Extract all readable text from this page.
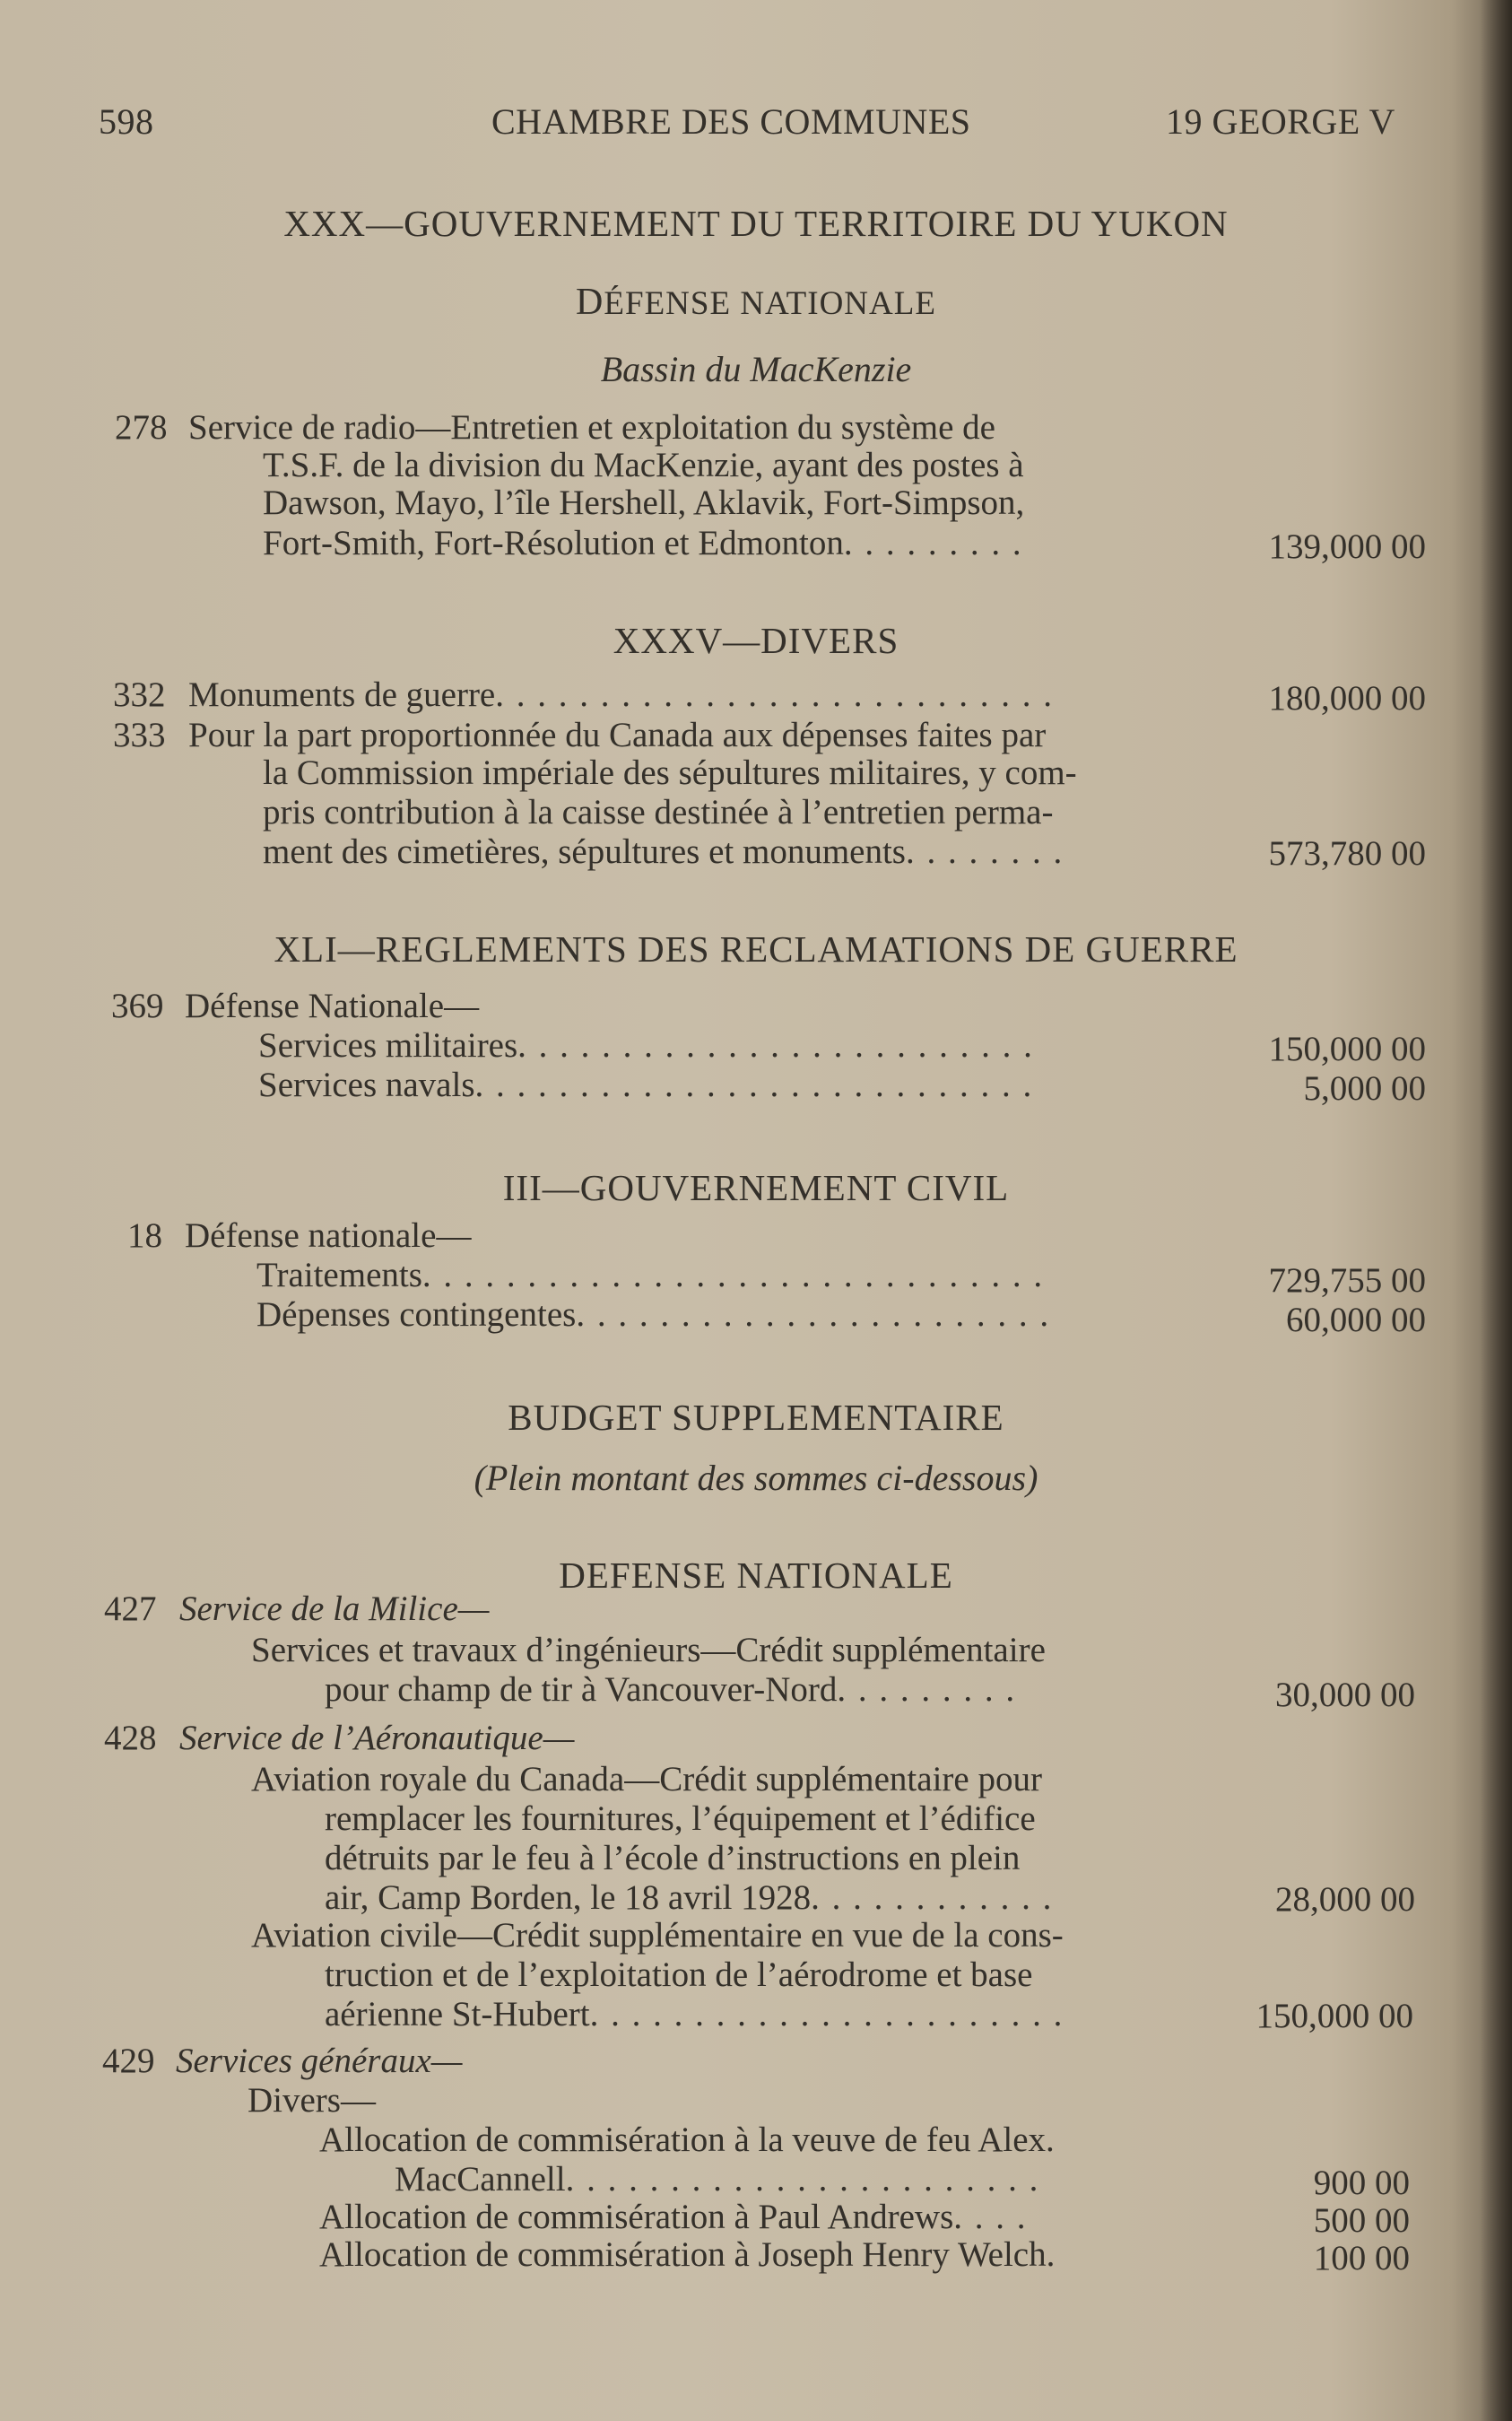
598	CHAMBRE DES COMMUNES	19 GEORGE V
XXX—GOUVERNEMENT DU TERRITOIRE DU YUKON
DÉFENSE NATIONALE
Bassin du MacKenzie
278 Service de radio—Entretien et exploitation du système de
T.S.F. de la division du MacKenzie, ayant des postes à
Dawson, Mayo, l’île Hershell, Aklavik, Fort-Simpson,
Fort-Smith, Fort-Résolution et Edmonton. . . . . . . . .	139,000 00
XXXV—DIVERS
332 Monuments de guerre. . . . . . . . . . . . . . . . . . . . . . . . . . .	180,000 00
333 Pour la part proportionnée du Canada aux dépenses faites par
la Commission impériale des sépultures militaires, y com-
pris contribution à la caisse destinée à l’entretien perma-
ment des cimetières, sépultures et monuments. . . . . . . .	573,780 00
XLI—REGLEMENTS DES RECLAMATIONS DE GUERRE
369 Défense Nationale—
Services militaires. . . . . . . . . . . . . . . . . . . . . . . . .	150,000 00
Services navals. . . . . . . . . . . . . . . . . . . . . . . . . . .	5,000 00
III—GOUVERNEMENT CIVIL
18 Défense nationale—
Traitements. . . . . . . . . . . . . . . . . . . . . . . . . . . . . .	729,755 00
Dépenses contingentes. . . . . . . . . . . . . . . . . . . . . . .	60,000 00
BUDGET SUPPLEMENTAIRE
(Plein montant des sommes ci-dessous)
DEFENSE NATIONALE
427 Service de la Milice—
Services et travaux d’ingénieurs—Crédit supplémentaire
pour champ de tir à Vancouver-Nord. . . . . . . . .	30,000 00
428 Service de l’Aéronautique—
Aviation royale du Canada—Crédit supplémentaire pour
remplacer les fournitures, l’équipement et l’édifice
détruits par le feu à l’école d’instructions en plein
air, Camp Borden, le 18 avril 1928. . . . . . . . . . . .	28,000 00
Aviation civile—Crédit supplémentaire en vue de la cons-
truction et de l’exploitation de l’aérodrome et base
aérienne St-Hubert. . . . . . . . . . . . . . . . . . . . . . .	150,000 00
429 Services généraux—
Divers—
Allocation de commisération à la veuve de feu Alex.
MacCannell. . . . . . . . . . . . . . . . . . . . . . .	900 00
Allocation de commisération à Paul Andrews. . . .	500 00
Allocation de commisération à Joseph Henry Welch.	100 00
